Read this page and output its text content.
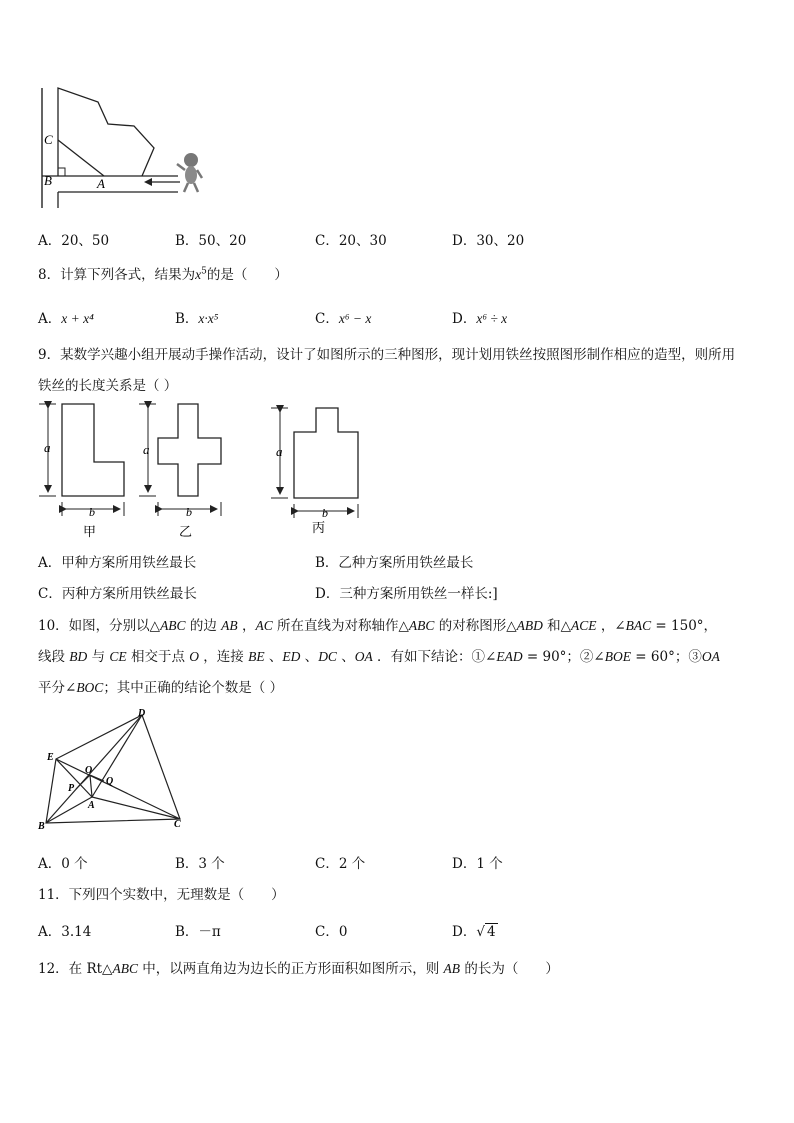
C
B	A
A．20、50	B．50、20	C．20、30	D．30、20
8．计算下列各式，结果为$x^5$的是（　　）
A．x + x⁴	B．x·x⁵	C．x⁶ − x	D．x⁶ ÷ x
9．某数学兴趣小组开展动手操作活动，设计了如图所示的三种图形，现计划用铁丝按照图形制作相应的造型，则所用
铁丝的长度关系是（ ）
a
b
甲
a
b
乙
a
b
丙
A．甲种方案所用铁丝最长	B．乙种方案所用铁丝最长
C．丙种方案所用铁丝最长	D．三种方案所用铁丝一样长:]
10．如图，分别以△ABC 的边 AB ，AC 所在直线为对称轴作△ABC 的对称图形△ABD 和△ACE ，∠BAC = 150°，
线段 BD 与 CE 相交于点 O ，连接 BE 、ED 、DC 、OA ．有如下结论：①∠EAD = 90°；②∠BOE = 60°；③OA
平分∠BOC；其中正确的结论个数是（ ）
D
E
O
Q
P
A
B	C
A．0 个	B．3 个	C．2 个	D．1 个
11．下列四个实数中，无理数是（　　）
A．3.14	B．－π	C．0	D．√ 4
12．在 Rt△ABC 中，以两直角边为边长的正方形面积如图所示，则 AB 的长为（　　）
